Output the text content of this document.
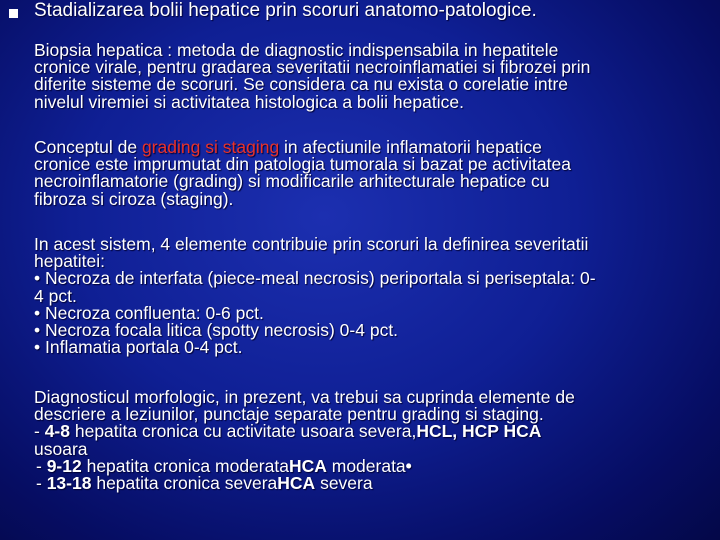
Stadializarea bolii hepatice prin scoruri anatomo-patologice.
Biopsia hepatica : metoda de diagnostic indispensabila in hepatitele
cronice virale, pentru gradarea severitatii necroinflamatiei si fibrozei prin
diferite sisteme de scoruri. Se considera ca nu exista o corelatie intre
nivelul viremiei si activitatea histologica a bolii hepatice.
Conceptul de grading si staging in afectiunile inflamatorii hepatice
cronice este imprumutat din patologia tumorala si bazat pe activitatea
necroinflamatorie (grading) si modificarile arhitecturale hepatice cu
fibroza si ciroza (staging).
In acest sistem, 4 elemente contribuie prin scoruri la definirea severitatii
hepatitei:
• Necroza de interfata (piece-meal necrosis) periportala si periseptala: 0-
4 pct.
• Necroza confluenta: 0-6 pct.
• Necroza focala litica (spotty necrosis) 0-4 pct.
• Inflamatia portala 0-4 pct.
Diagnosticul morfologic, in prezent, va trebui sa cuprinda elemente de
descriere a leziunilor, punctaje separate pentru grading si staging.
- 4-8 hepatita cronica cu activitate usoara severa,HCL, HCP HCA
usoara
- 9-12 hepatita cronica moderataHCA moderata•
- 13-18 hepatita cronica severaHCA severa
